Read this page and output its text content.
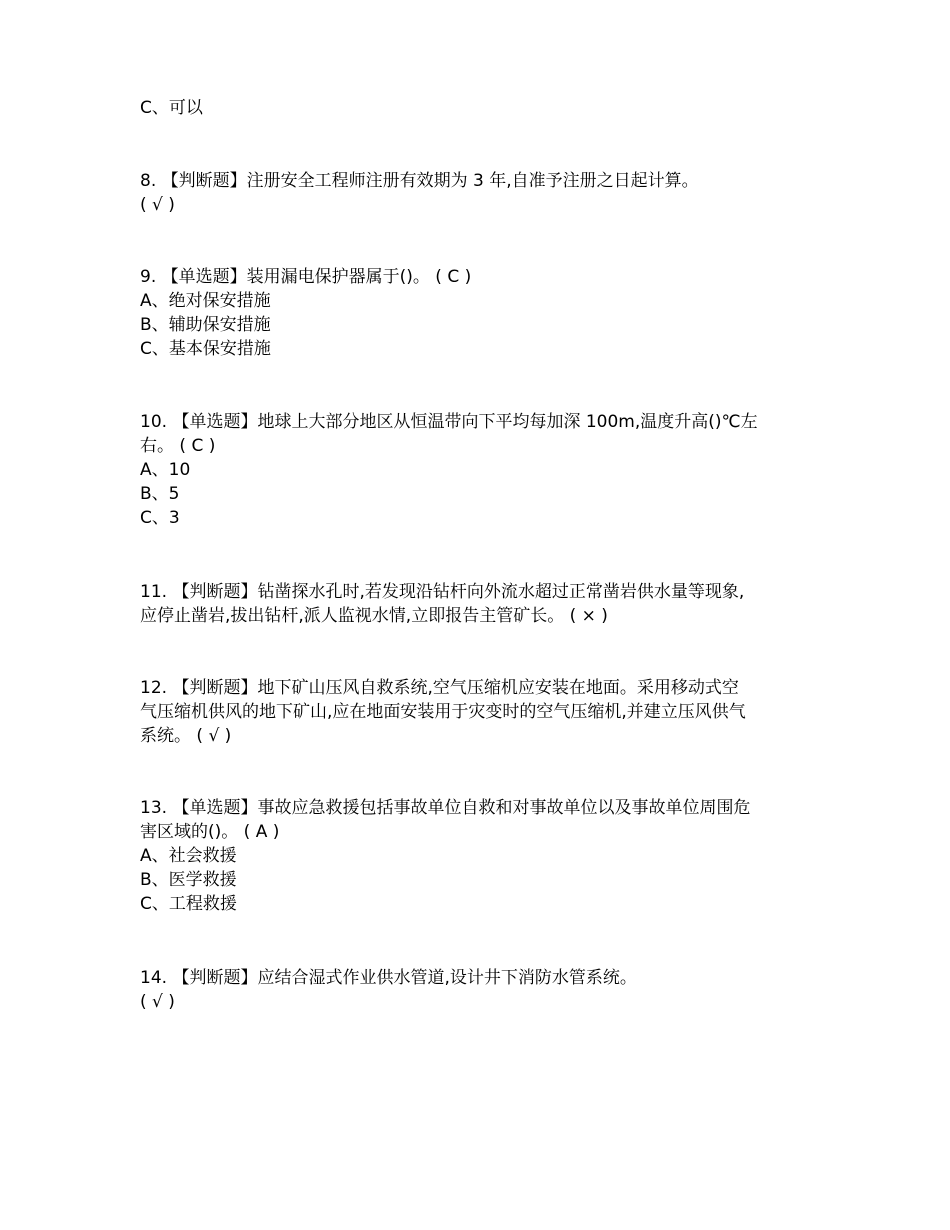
C、可以
8. 【判断题】注册安全工程师注册有效期为 3 年,自准予注册之日起计算。
( √ )
9. 【单选题】装用漏电保护器属于()。 ( C )
A、绝对保安措施
B、辅助保安措施
C、基本保安措施
10. 【单选题】地球上大部分地区从恒温带向下平均每加深 100m,温度升高()℃左
右。 ( C )
A、10
B、5
C、3
11. 【判断题】钻凿探水孔时,若发现沿钻杆向外流水超过正常凿岩供水量等现象,
应停止凿岩,拔出钻杆,派人监视水情,立即报告主管矿长。 ( × )
12. 【判断题】地下矿山压风自救系统,空气压缩机应安装在地面。采用移动式空
气压缩机供风的地下矿山,应在地面安装用于灾变时的空气压缩机,并建立压风供气
系统。 ( √ )
13. 【单选题】事故应急救援包括事故单位自救和对事故单位以及事故单位周围危
害区域的()。 ( A )
A、社会救援
B、医学救援
C、工程救援
14. 【判断题】应结合湿式作业供水管道,设计井下消防水管系统。
( √ )
